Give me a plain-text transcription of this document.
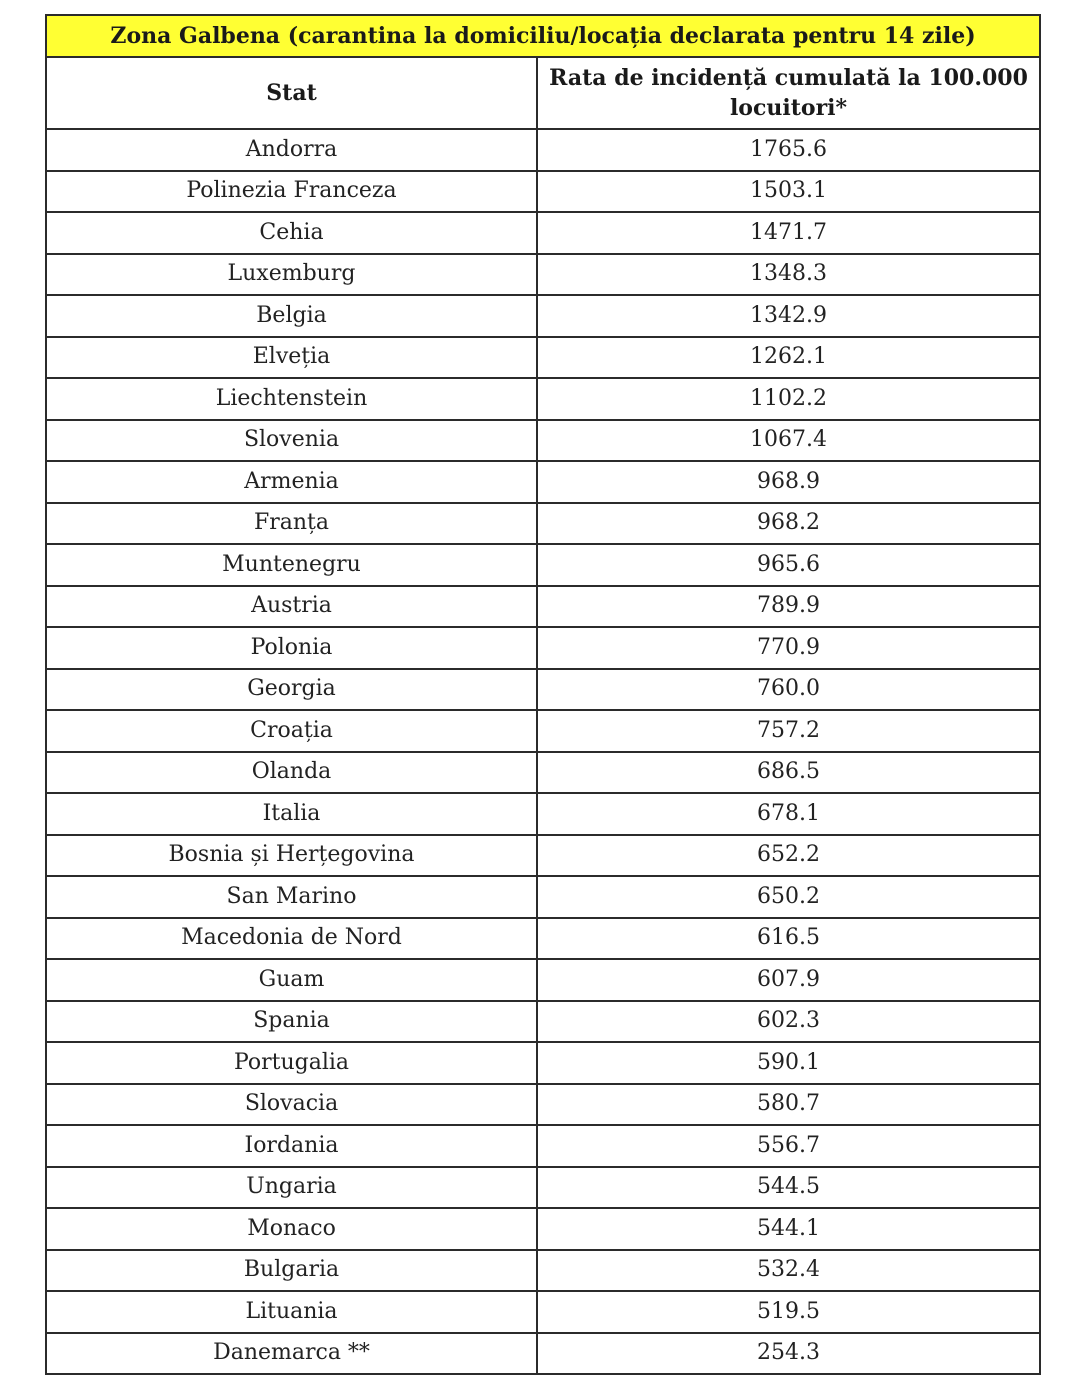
Zona Galbena (carantina la domiciliu/locația declarata pentru 14 zile)	
Stat	Rata de incidență cumulată la 100.000 locuitori*
Andorra	1765.6
Polinezia Franceza	1503.1
Cehia	1471.7
Luxemburg	1348.3
Belgia	1342.9
Elveția	1262.1
Liechtenstein	1102.2
Slovenia	1067.4
Armenia	968.9
Franța	968.2
Muntenegru	965.6
Austria	789.9
Polonia	770.9
Georgia	760.0
Croația	757.2
Olanda	686.5
Italia	678.1
Bosnia și Herțegovina	652.2
San Marino	650.2
Macedonia de Nord	616.5
Guam	607.9
Spania	602.3
Portugalia	590.1
Slovacia	580.7
Iordania	556.7
Ungaria	544.5
Monaco	544.1
Bulgaria	532.4
Lituania	519.5
Danemarca **	254.3
